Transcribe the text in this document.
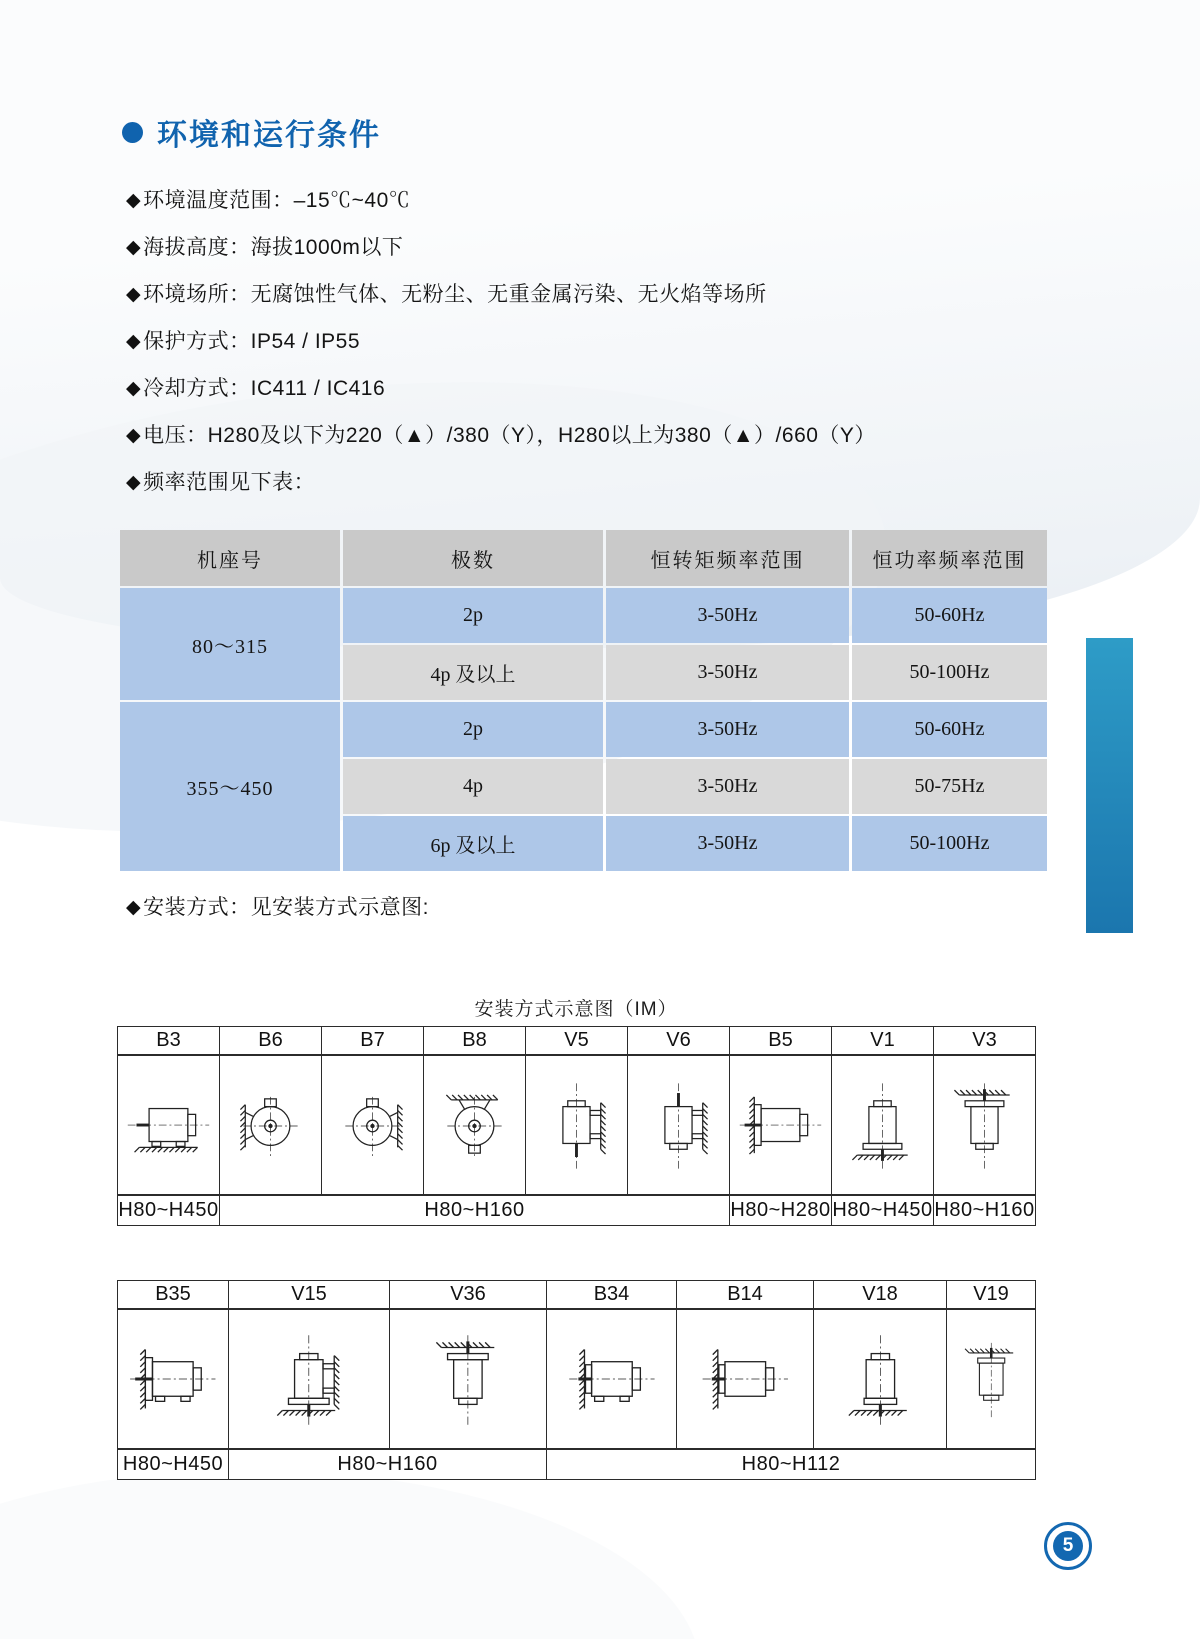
环境和运行条件
◆ 环境温度范围：–15℃~40℃
◆ 海拔高度：海拔1000m以下
◆ 环境场所：无腐蚀性气体、无粉尘、无重金属污染、无火焰等场所
◆ 保护方式：IP54 / IP55
◆ 冷却方式：IC411 / IC416
◆ 电压：H280及以下为220（▲）/380（Y），H280以上为380（▲）/660（Y）
◆ 频率范围见下表：
机座号	极数	恒转矩频率范围	恒功率频率范围
80～315	2p	3-50Hz	50-60Hz
	4p 及以上	3-50Hz	50-100Hz
355～450	2p	3-50Hz	50-60Hz
	4p	3-50Hz	50-75Hz
	6p 及以上	3-50Hz	50-100Hz
◆ 安装方式：见安装方式示意图:
安装方式示意图（IM）
B3	B6	B7	B8	V5	V6	B5	V1	V3

H80~H450	H80~H160					H80~H280	H80~H450	H80~H160
B35	V15	V36	B34	B14	V18	V19

H80~H450	H80~H160		H80~H112			
5
